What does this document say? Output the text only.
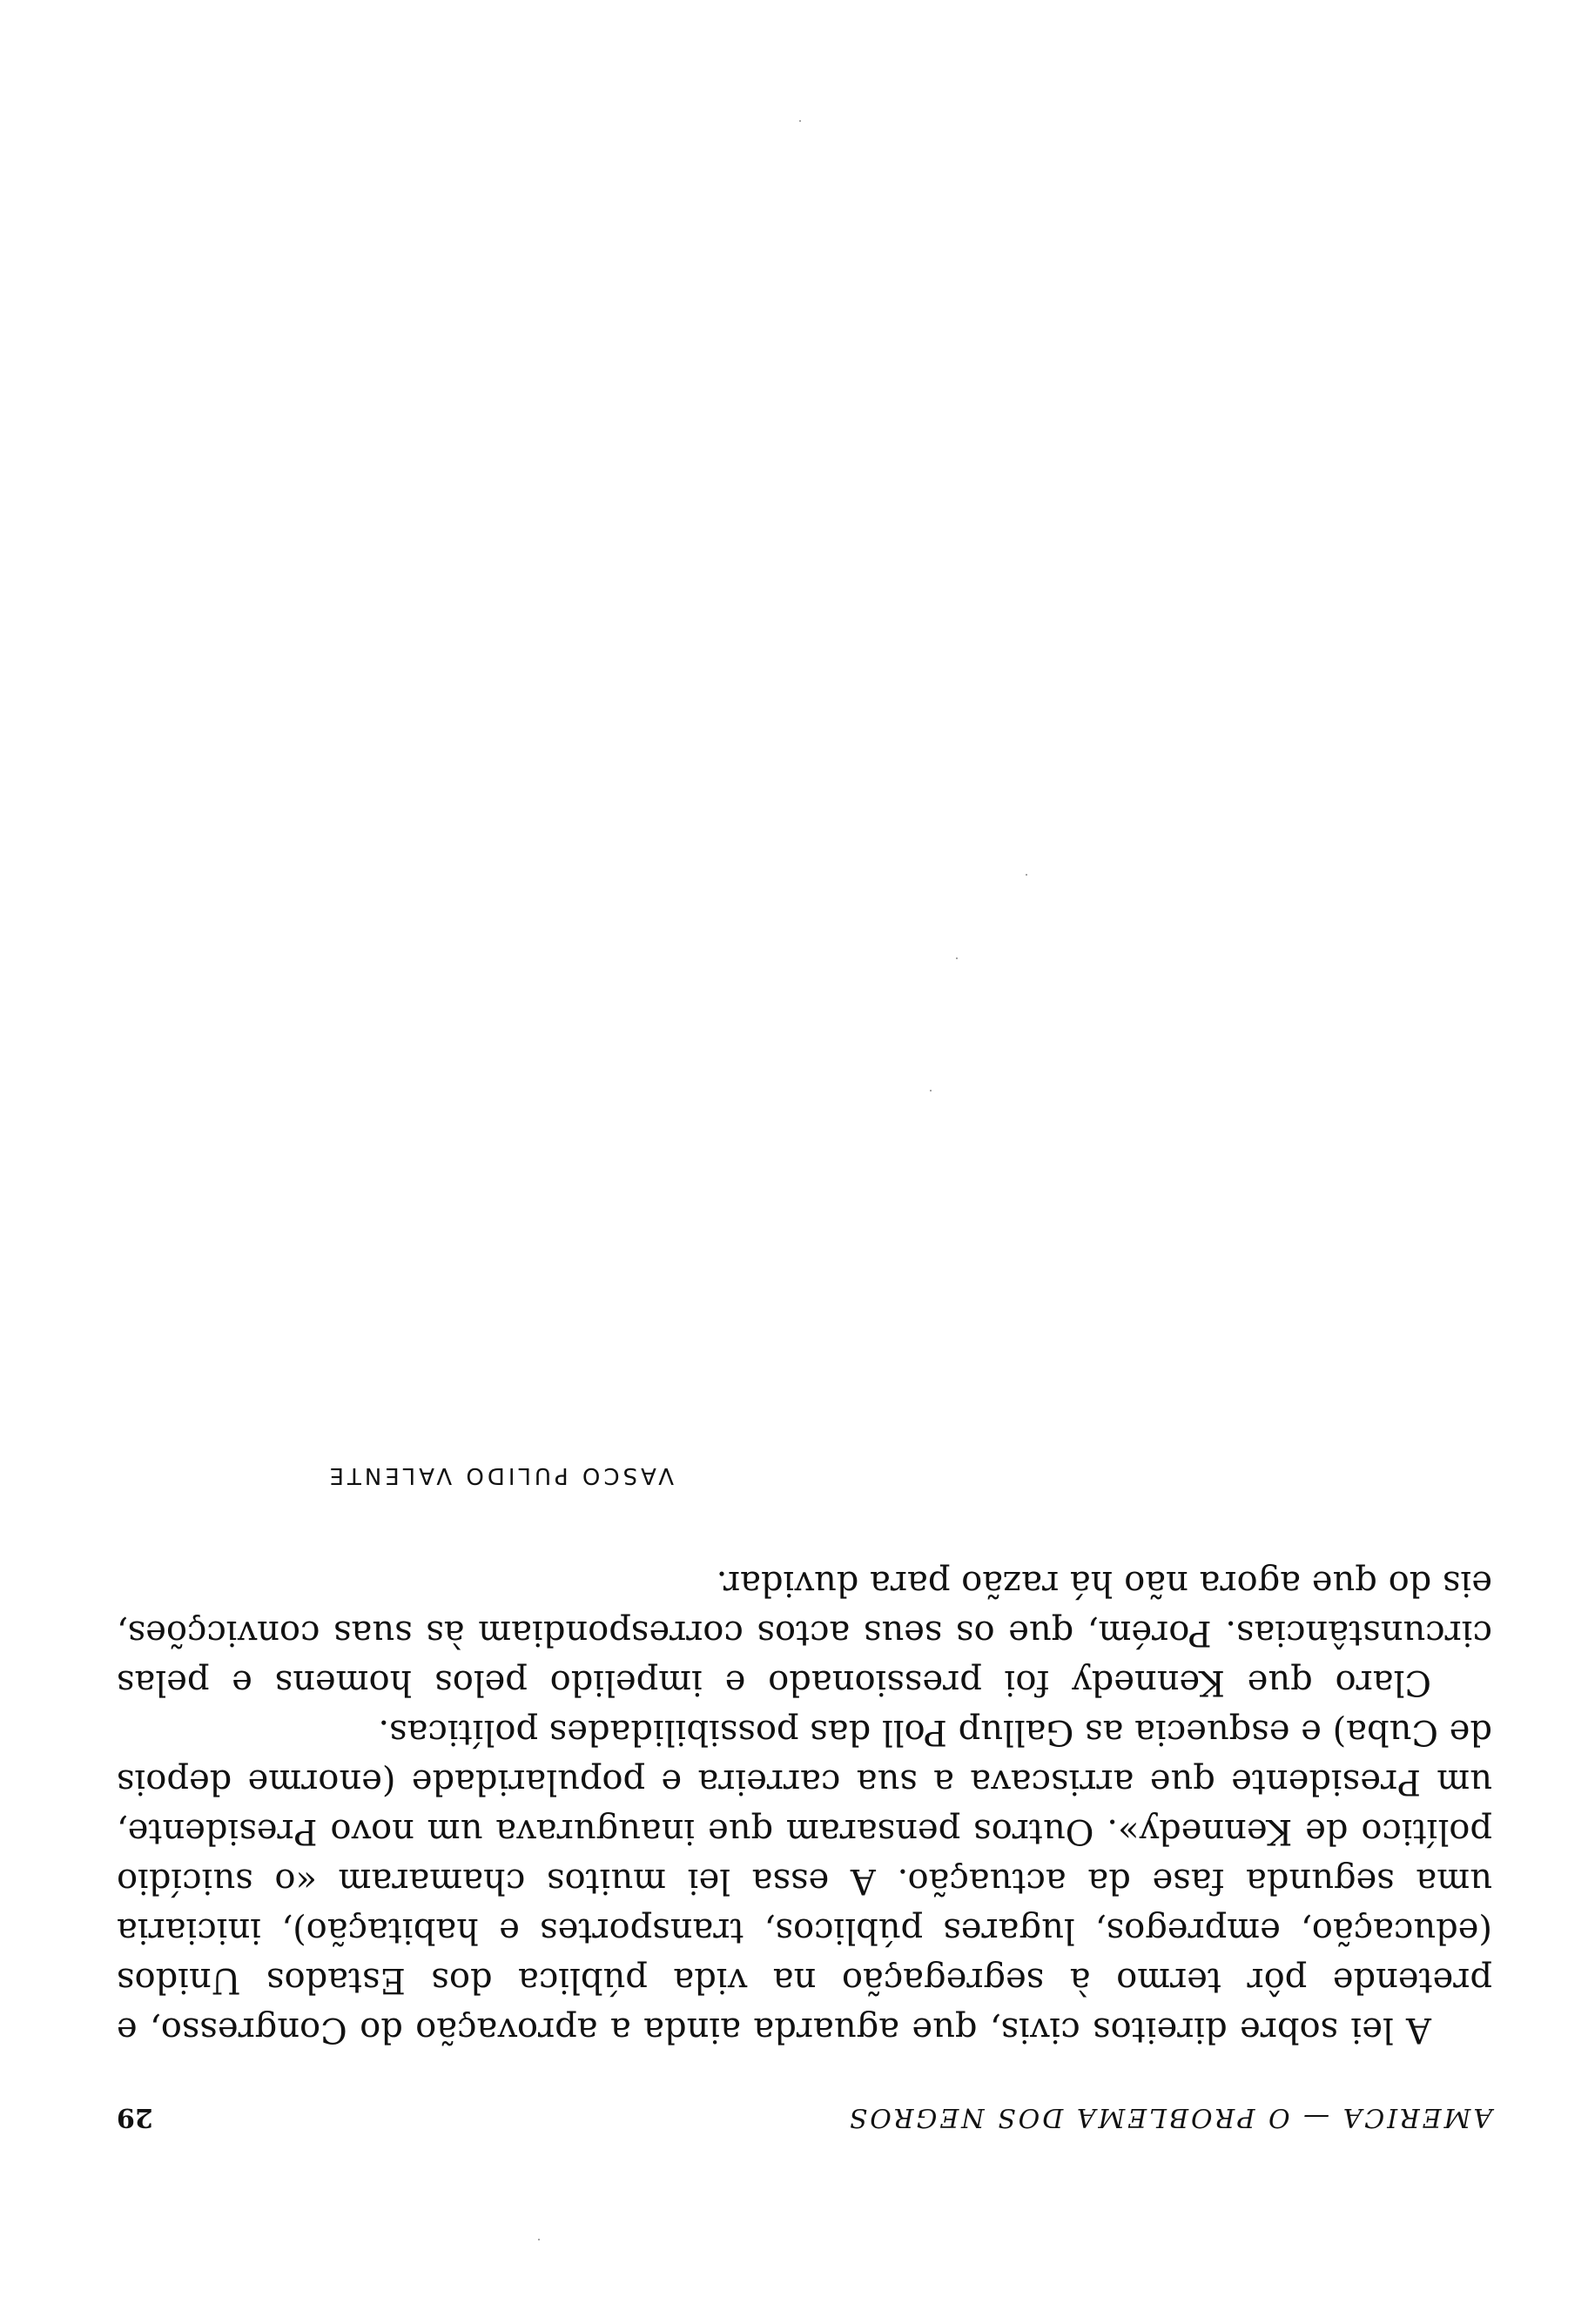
AMERICA — O PROBLEMA DOS NEGROS
29

A lei sobre direitos civis, que aguarda ainda a aprovação do Congresso, e pretende pôr termo à segregação na vida pública dos Estados Unidos (educação, empregos, lugares públicos, transportes e habitação), iniciaria uma segunda fase da actuação. A essa lei muitos chamaram «o suicídio político de Kennedy». Outros pensaram que inaugurava um novo Presidente, um Presidente que arriscava a sua carreira e popularidade (enorme depois de Cuba) e esquecia as Gallup Poll das possibilidades políticas.

Claro que Kennedy foi pressionado e impelido pelos homens e pelas circunstâncias. Porém, que os seus actos correspondiam às suas convicções, eis do que agora não há razão para duvidar.

VASCO PULIDO VALENTE
